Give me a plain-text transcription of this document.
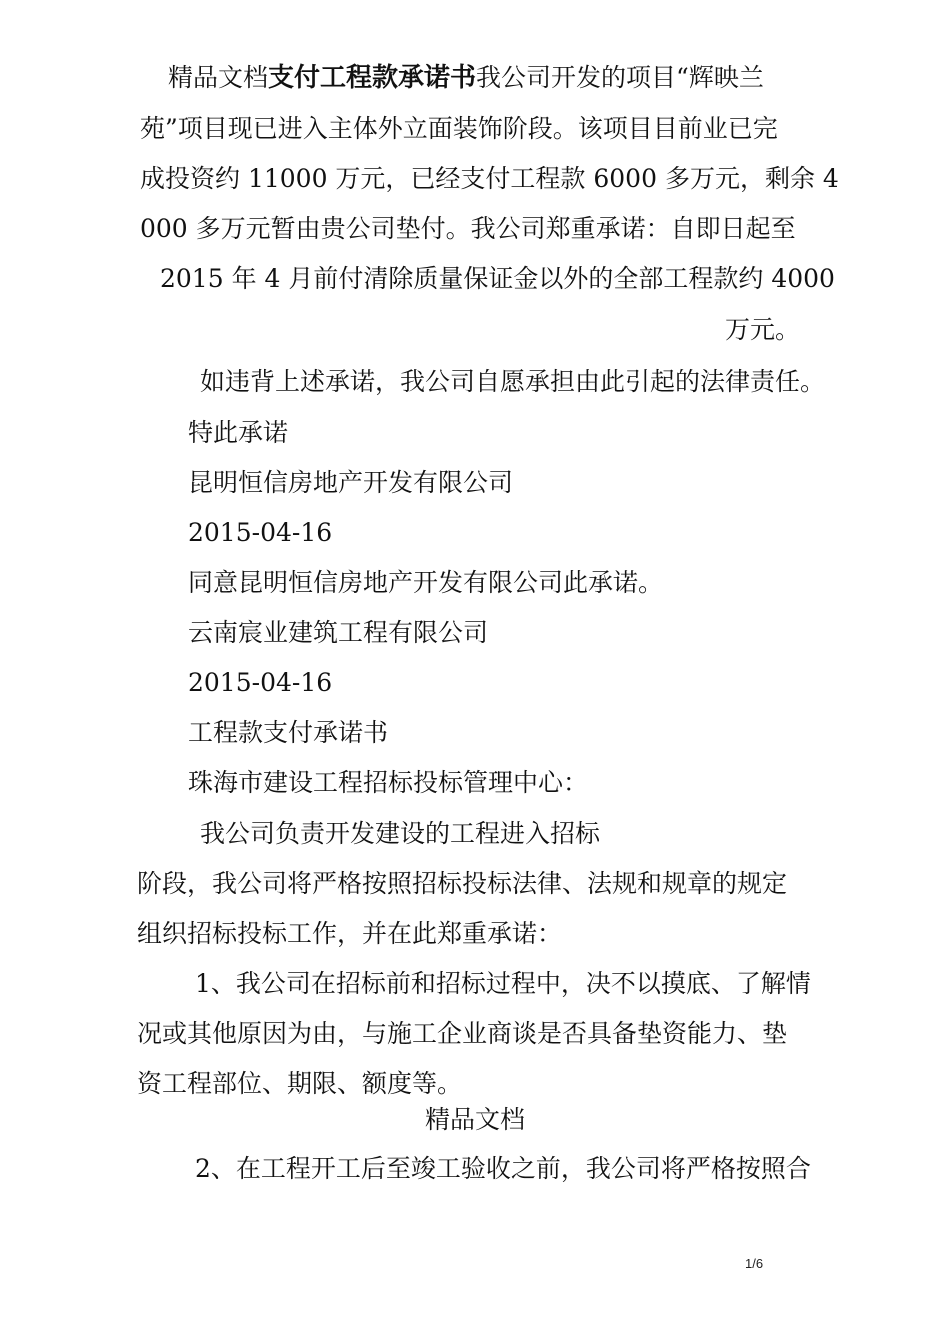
精品文档支付工程款承诺书我公司开发的项目“辉映兰
苑”项目现已进入主体外立面装饰阶段。该项目目前业已完
成投资约 11000 万元，已经支付工程款 6000 多万元，剩余 4
000 多万元暂由贵公司垫付。我公司郑重承诺：自即日起至
2015 年 4 月前付清除质量保证金以外的全部工程款约 4000
万元。
如违背上述承诺，我公司自愿承担由此引起的法律责任。
特此承诺
昆明恒信房地产开发有限公司
2015-04-16
同意昆明恒信房地产开发有限公司此承诺。
云南宸业建筑工程有限公司
2015-04-16
工程款支付承诺书
珠海市建设工程招标投标管理中心：
我公司负责开发建设的工程进入招标
阶段，我公司将严格按照招标投标法律、法规和规章的规定
组织招标投标工作，并在此郑重承诺：
1、我公司在招标前和招标过程中，决不以摸底、了解情
况或其他原因为由，与施工企业商谈是否具备垫资能力、垫
资工程部位、期限、额度等。
精品文档
2、在工程开工后至竣工验收之前，我公司将严格按照合
1/6
